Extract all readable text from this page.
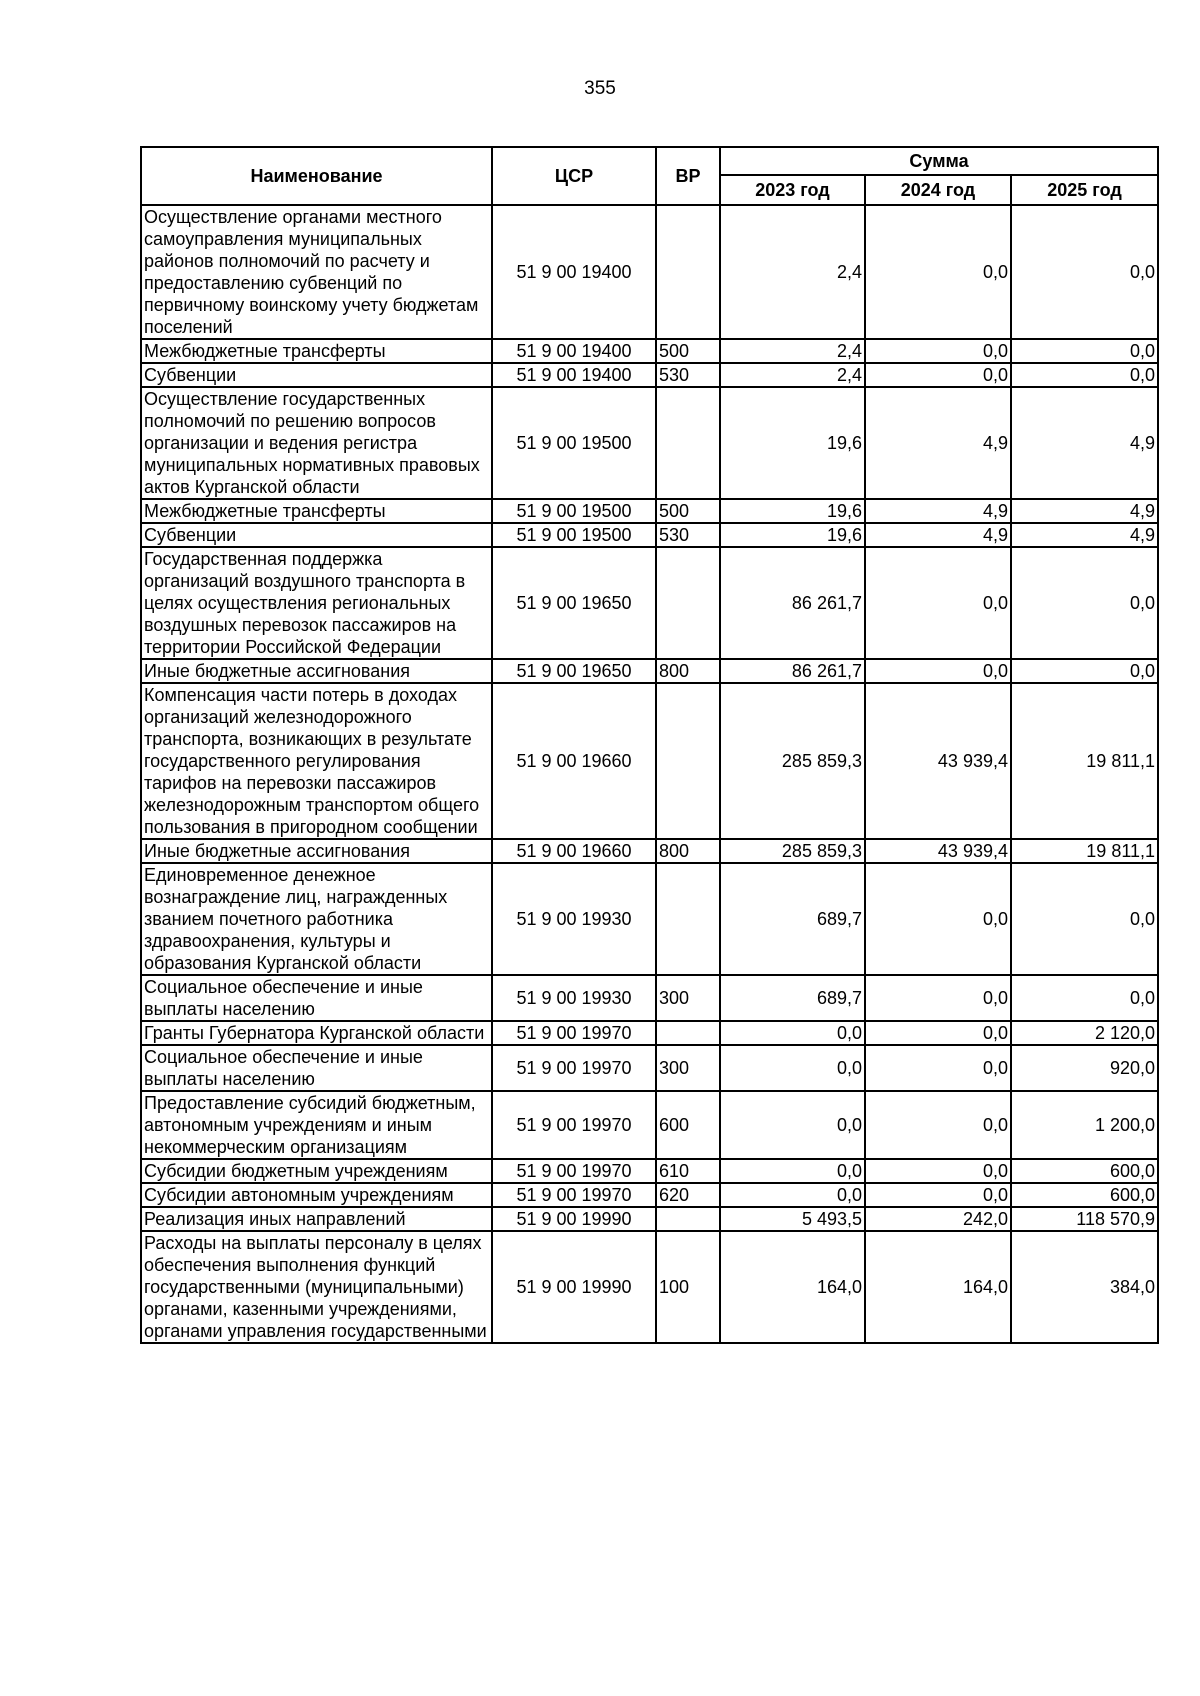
355
Наименование	ЦСР	ВР	Сумма		
			2023 год	2024 год	2025 год
Осуществление органами местного самоуправления муниципальных районов полномочий по расчету и предоставлению субвенций по первичному воинскому учету бюджетам поселений	51 9 00 19400		2,4	0,0	0,0
Межбюджетные трансферты	51 9 00 19400	500	2,4	0,0	0,0
Субвенции	51 9 00 19400	530	2,4	0,0	0,0
Осуществление государственных полномочий по решению вопросов организации и ведения регистра муниципальных нормативных правовых актов Курганской области	51 9 00 19500		19,6	4,9	4,9
Межбюджетные трансферты	51 9 00 19500	500	19,6	4,9	4,9
Субвенции	51 9 00 19500	530	19,6	4,9	4,9
Государственная поддержка организаций воздушного транспорта в целях осуществления региональных воздушных перевозок пассажиров на территории Российской Федерации	51 9 00 19650		86 261,7	0,0	0,0
Иные бюджетные ассигнования	51 9 00 19650	800	86 261,7	0,0	0,0
Компенсация части потерь в доходах организаций железнодорожного транспорта, возникающих в результате государственного регулирования тарифов на перевозки пассажиров железнодорожным транспортом общего пользования в пригородном сообщении	51 9 00 19660		285 859,3	43 939,4	19 811,1
Иные бюджетные ассигнования	51 9 00 19660	800	285 859,3	43 939,4	19 811,1
Единовременное денежное вознаграждение лиц, награжденных званием почетного работника здравоохранения, культуры и образования Курганской области	51 9 00 19930		689,7	0,0	0,0
Социальное обеспечение и иные выплаты населению	51 9 00 19930	300	689,7	0,0	0,0
Гранты Губернатора Курганской области	51 9 00 19970		0,0	0,0	2 120,0
Социальное обеспечение и иные выплаты населению	51 9 00 19970	300	0,0	0,0	920,0
Предоставление субсидий бюджетным, автономным учреждениям и иным некоммерческим организациям	51 9 00 19970	600	0,0	0,0	1 200,0
Субсидии бюджетным учреждениям	51 9 00 19970	610	0,0	0,0	600,0
Субсидии автономным учреждениям	51 9 00 19970	620	0,0	0,0	600,0
Реализация иных направлений	51 9 00 19990		5 493,5	242,0	118 570,9
Расходы на выплаты персоналу в целях обеспечения выполнения функций государственными (муниципальными) органами, казенными учреждениями, органами управления государственными	51 9 00 19990	100	164,0	164,0	384,0
